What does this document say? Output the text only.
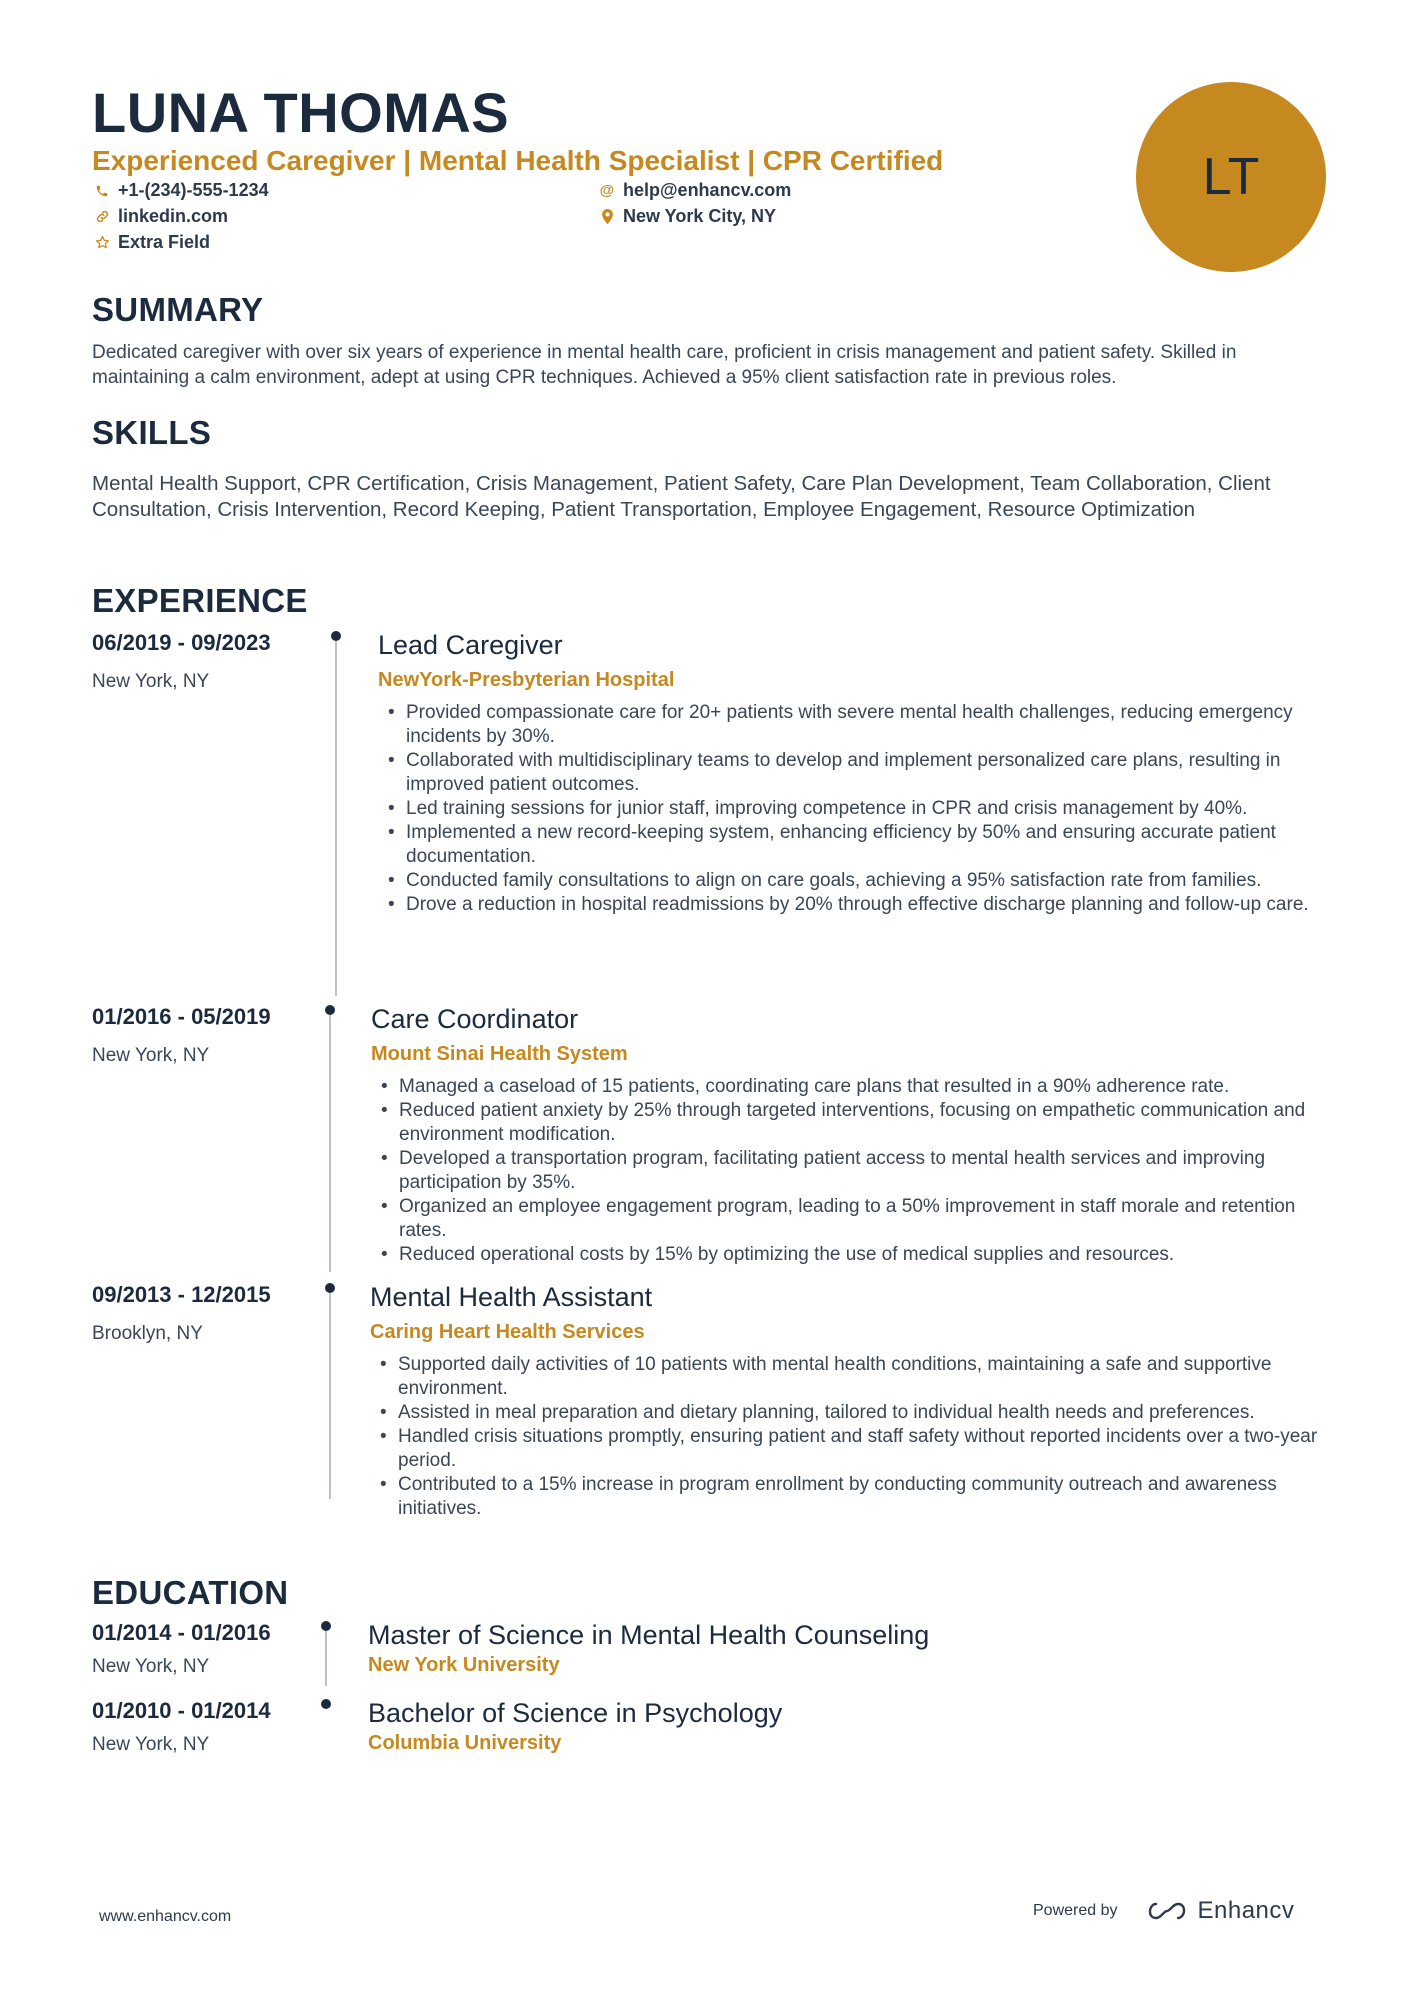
LUNA THOMAS
Experienced Caregiver | Mental Health Specialist | CPR Certified
+1-(234)-555-1234	@ help@enhancv.com
linkedin.com	New York City, NY
Extra Field
LT
SUMMARY
Dedicated caregiver with over six years of experience in mental health care, proficient in crisis management and patient safety. Skilled in maintaining a calm environment, adept at using CPR techniques. Achieved a 95% client satisfaction rate in previous roles.
SKILLS
Mental Health Support, CPR Certification, Crisis Management, Patient Safety, Care Plan Development, Team Collaboration, Client Consultation, Crisis Intervention, Record Keeping, Patient Transportation, Employee Engagement, Resource Optimization
EXPERIENCE
06/2019 - 09/2023
New York, NY
Lead Caregiver
NewYork-Presbyterian Hospital
• Provided compassionate care for 20+ patients with severe mental health challenges, reducing emergency incidents by 30%.
• Collaborated with multidisciplinary teams to develop and implement personalized care plans, resulting in improved patient outcomes.
• Led training sessions for junior staff, improving competence in CPR and crisis management by 40%.
• Implemented a new record-keeping system, enhancing efficiency by 50% and ensuring accurate patient documentation.
• Conducted family consultations to align on care goals, achieving a 95% satisfaction rate from families.
• Drove a reduction in hospital readmissions by 20% through effective discharge planning and follow-up care.
01/2016 - 05/2019
New York, NY
Care Coordinator
Mount Sinai Health System
• Managed a caseload of 15 patients, coordinating care plans that resulted in a 90% adherence rate.
• Reduced patient anxiety by 25% through targeted interventions, focusing on empathetic communication and environment modification.
• Developed a transportation program, facilitating patient access to mental health services and improving participation by 35%.
• Organized an employee engagement program, leading to a 50% improvement in staff morale and retention rates.
• Reduced operational costs by 15% by optimizing the use of medical supplies and resources.
09/2013 - 12/2015
Brooklyn, NY
Mental Health Assistant
Caring Heart Health Services
• Supported daily activities of 10 patients with mental health conditions, maintaining a safe and supportive environment.
• Assisted in meal preparation and dietary planning, tailored to individual health needs and preferences.
• Handled crisis situations promptly, ensuring patient and staff safety without reported incidents over a two-year period.
• Contributed to a 15% increase in program enrollment by conducting community outreach and awareness initiatives.
EDUCATION
01/2014 - 01/2016
New York, NY
Master of Science in Mental Health Counseling
New York University
01/2010 - 01/2014
New York, NY
Bachelor of Science in Psychology
Columbia University
www.enhancv.com	Powered by	Enhancv
